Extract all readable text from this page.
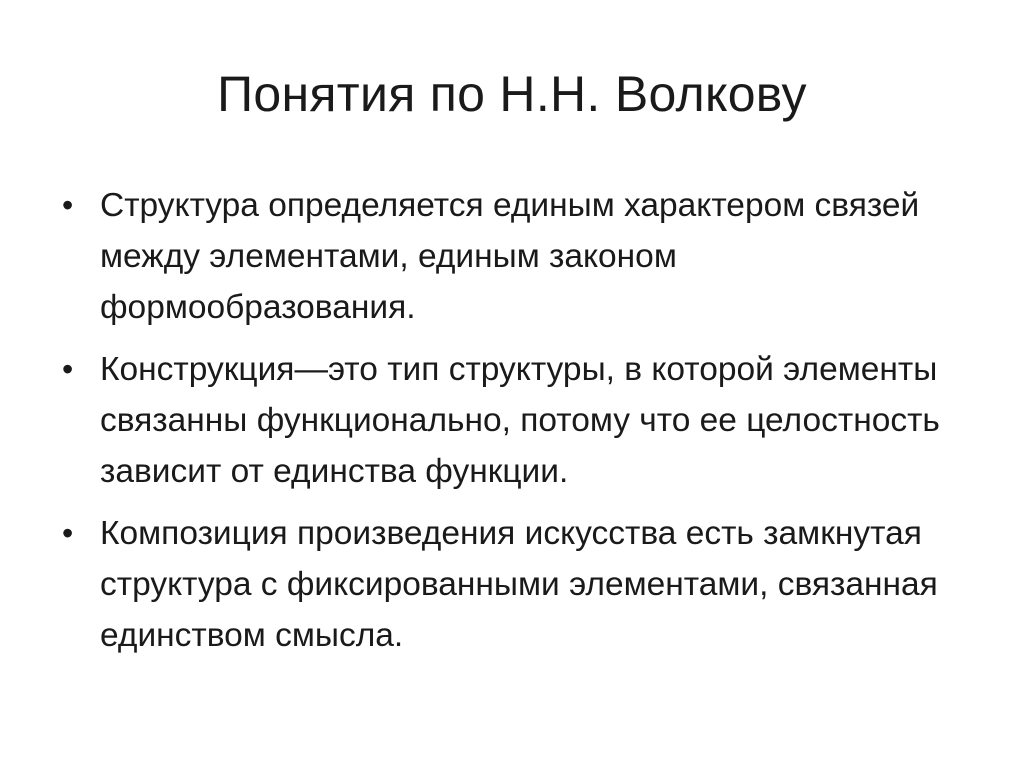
Понятия по Н.Н. Волкову
• Структура определяется единым характером связей между элементами, единым законом формообразования.
• Конструкция—это тип структуры, в которой элементы связанны функционально, потому что ее целостность зависит от единства функции.
• Композиция произведения искусства есть замкнутая структура с фиксированными элементами, связанная единством смысла.
